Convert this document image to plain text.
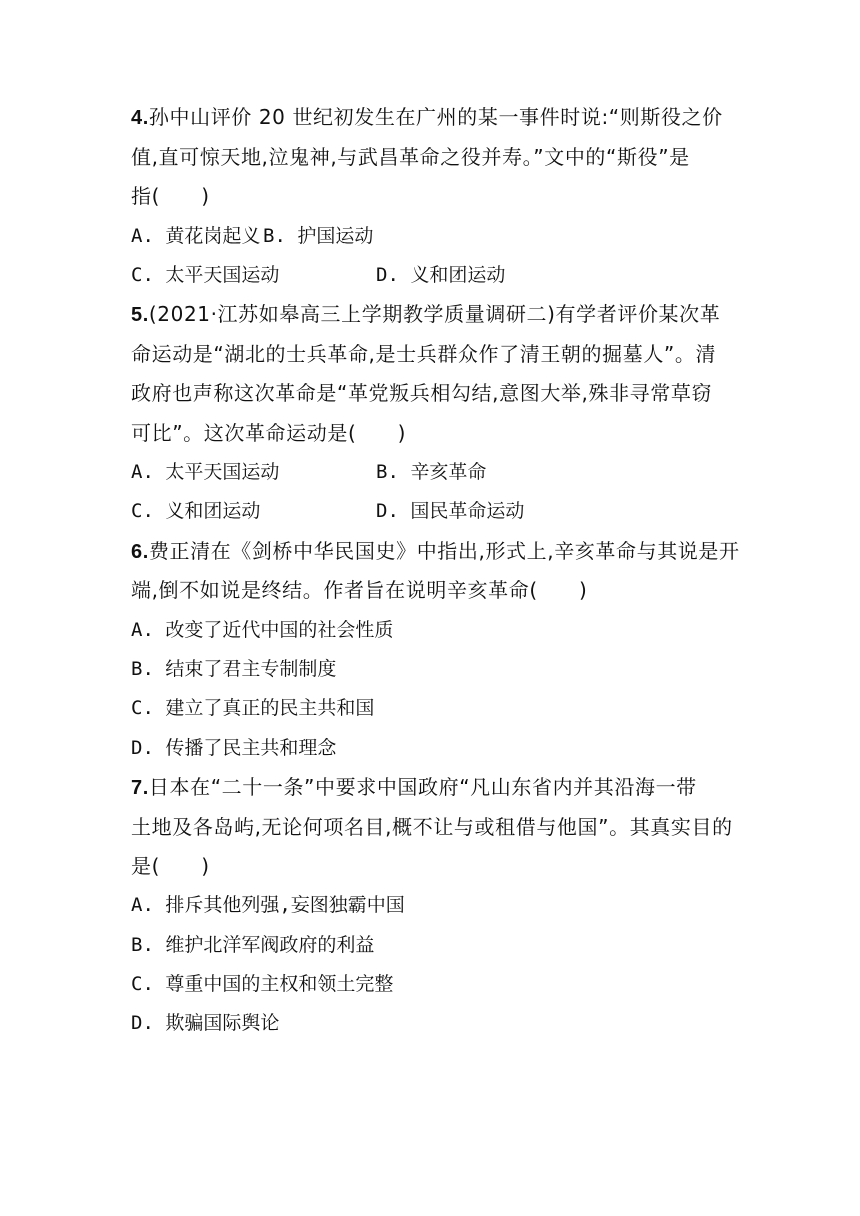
4.孙中山评价 20 世纪初发生在广州的某一事件时说:“则斯役之价
值,直可惊天地,泣鬼神,与武昌革命之役并寿。”文中的“斯役”是
指(　　)
A. 黄花岗起义 B. 护国运动
C. 太平天国运动	D. 义和团运动
5.(2021·江苏如皋高三上学期教学质量调研二)有学者评价某次革
命运动是“湖北的士兵革命,是士兵群众作了清王朝的掘墓人”。清
政府也声称这次革命是“革党叛兵相勾结,意图大举,殊非寻常草窃
可比”。这次革命运动是(　　)
A. 太平天国运动	B. 辛亥革命
C. 义和团运动	D. 国民革命运动
6.费正清在《剑桥中华民国史》中指出,形式上,辛亥革命与其说是开
端,倒不如说是终结。作者旨在说明辛亥革命(　　)
A. 改变了近代中国的社会性质
B. 结束了君主专制制度
C. 建立了真正的民主共和国
D. 传播了民主共和理念
7.日本在“二十一条”中要求中国政府“凡山东省内并其沿海一带
土地及各岛屿,无论何项名目,概不让与或租借与他国”。其真实目的
是(　　)
A. 排斥其他列强,妄图独霸中国
B. 维护北洋军阀政府的利益
C. 尊重中国的主权和领土完整
D. 欺骗国际舆论
